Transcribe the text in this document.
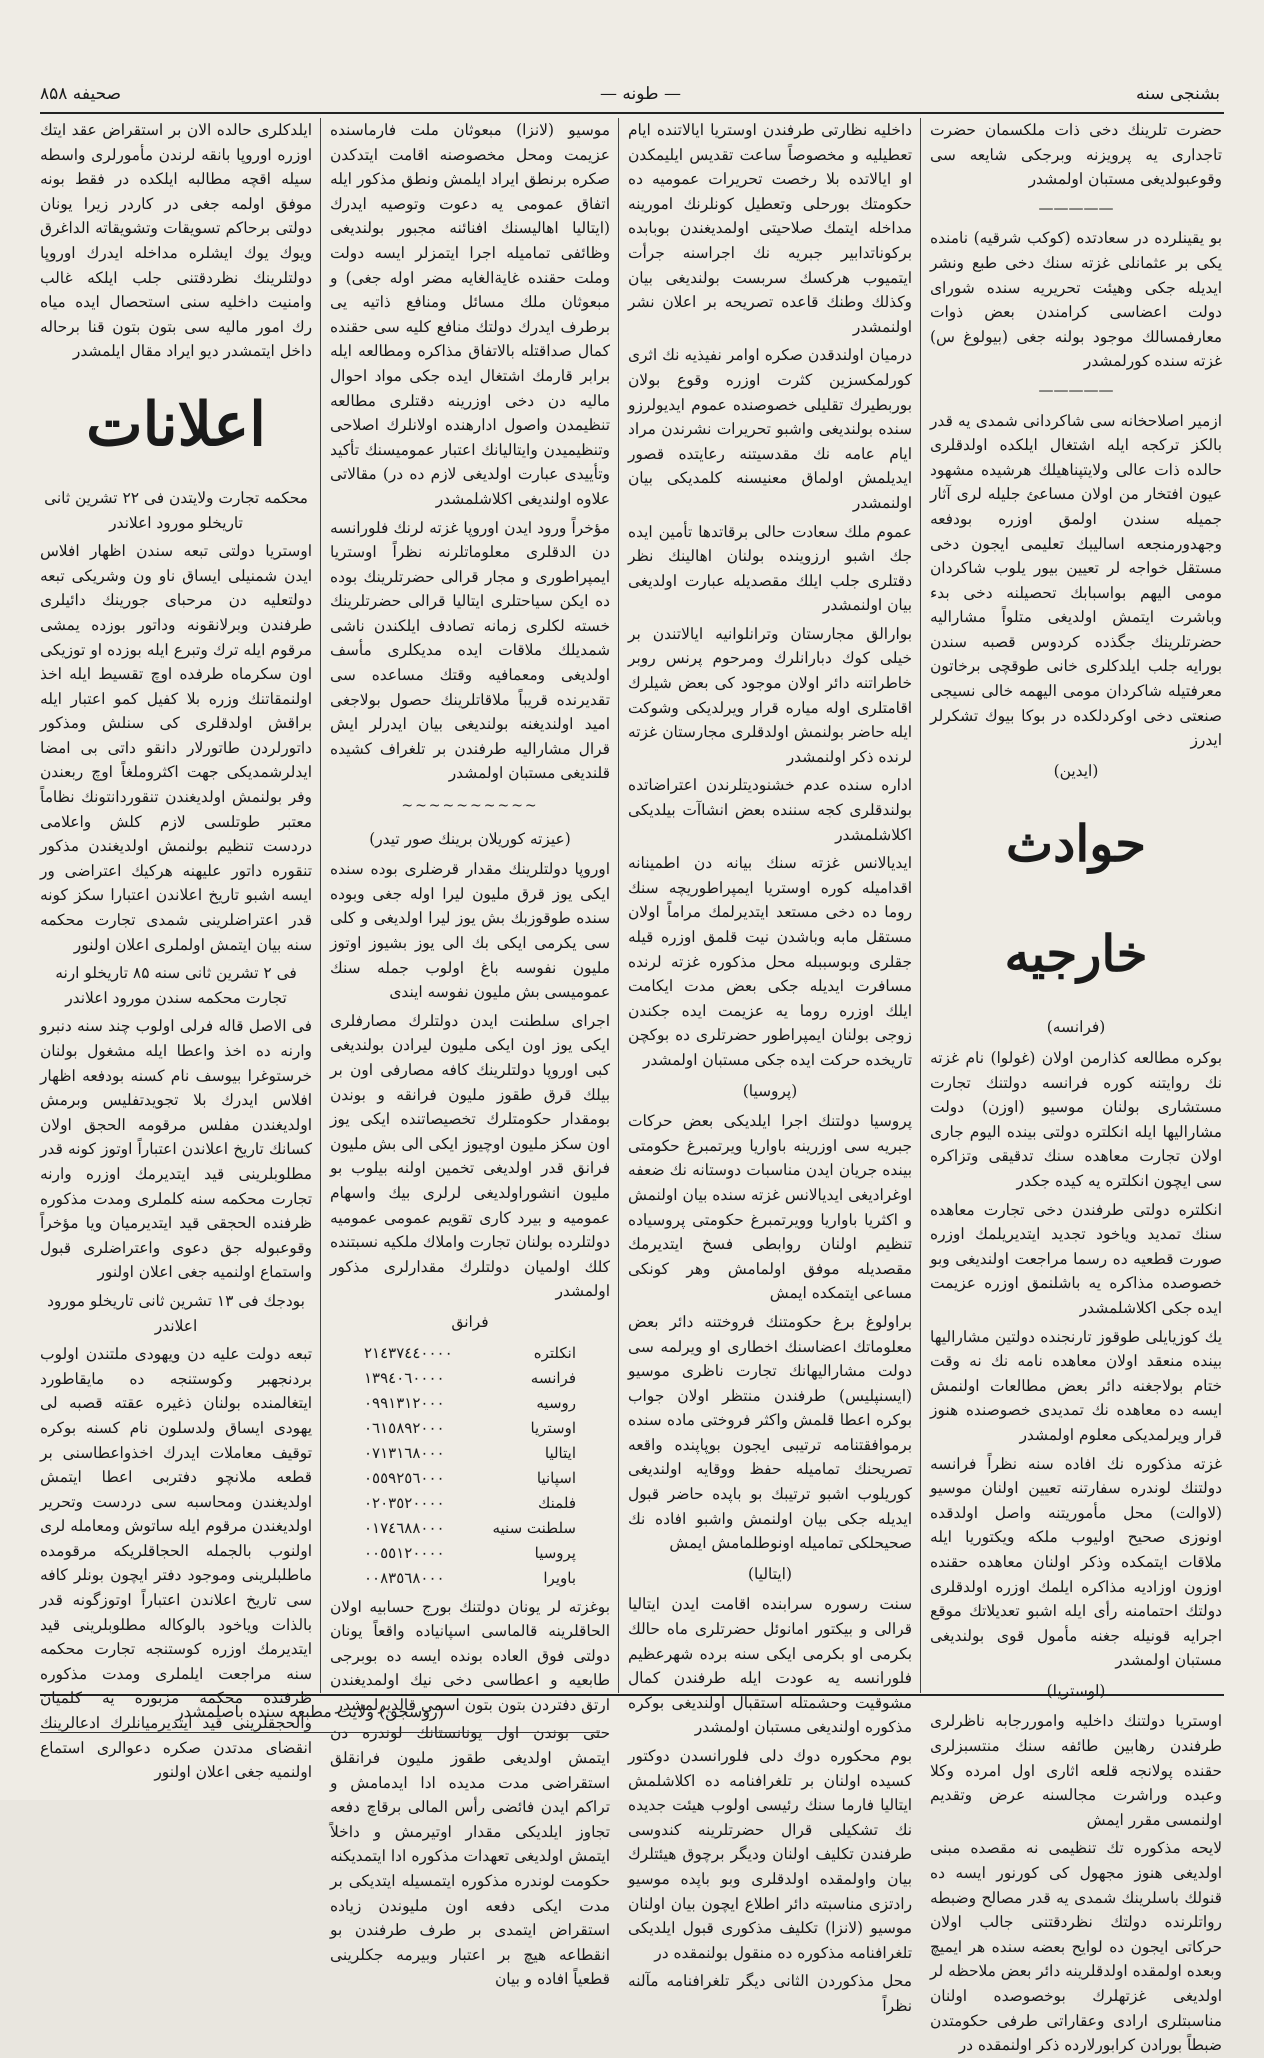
بشنجی سنه
— طونه —
صحیفه ۸۵۸

حضرت تلرینك دخی ذات ملكسمان حضرت تاجداری یه پرویزنه وبرجكی شایعه سی وقوعبولدیغی مستبان اولمشدر

—————

بو یقینلرده در سعادتده (كوكب شرقیه) نامنده یكی بر عثمانلی غزته سنك دخی طبع ونشر ایدیله جكی وهیئت تحریریه سنده شورای دولت اعضاسی كرامندن بعض ذوات معارفمسالك موجود بولنه جغی (بیولوغ س) غزته سنده كورلمشدر

—————

ازمیر اصلاحخانه سی شاكردانی شمدی یه قدر بالكز تركجه ایله اشتغال ایلكده اولدقلری حالده ذات عالی ولایتپناهیلك هرشیده مشهود عیون افتخار من اولان مساعئ جلیله لری آثار جمیله سندن اولمق اوزره بودفعه وجهدورمنجعه اسالیبك تعلیمی ایجون دخی مستقل خواجه لر تعیین بیور یلوب شاكردان مومی الیهم بواسبابك تحصیلنه دخی بدء وباشرت ایتمش اولدیغی متلواً مشارالیه حضرتلرینك جگذده كردوس قصبه سندن بورایه جلب ایلدكلری خانی طوقچی برخاتون معرفتیله شاكردان مومی الیهمه خالی نسیجی صنعتی دخی اوكردلكده در بوكا بیوك تشكرلر ایدرز

(ایدین)
حوادث خارجیه
(فرانسه)

بوكره مطالعه كذارمن اولان (غولوا) نام غزته نك روایتنه كوره فرانسه دولتنك تجارت مستشاری بولنان موسیو (اوزن) دولت مشارالیها ایله انكلتره دولتی بینده الیوم جاری اولان تجارت معاهده سنك تدقیقی وتزاكره سی ایچون انكلتره یه كیده جكدر

انكلتره دولتی طرفندن دخی تجارت معاهده سنك تمدید ویاخود تجدید ایتدیریلمك اوزره صورت قطعیه ده رسما مراجعت اولندیغی وبو خصوصده مذاكره یه باشلنمق اوزره عزیمت ایده جكی اكلاشلمشدر

یك كوزیایلی طوقوز تارنجنده دولتین مشارالیها بینده منعقد اولان معاهده نامه نك نه وقت ختام بولاجغنه دائر بعض مطالعات اولنمش ایسه ده معاهده نك تمدیدی خصوصنده هنوز قرار ویرلمدیكی معلوم اولمشدر

غزته مذكوره نك افاده سنه نظراً فرانسه دولتنك لوندره سفارتنه تعیین اولنان موسیو (لاوالت) محل مأموریتنه واصل اولدقده اونوزی صحیح اولیوب ملكه ویكتوریا ایله ملاقات ایتمكده وذكر اولنان معاهده حقنده اوزون اوزادیه مذاكره ایلمك اوزره اولدقلری دولتك احتمامنه رأی ایله اشبو تعدیلاتك موقع اجرایه قونیله جغنه مأمول قوی بولندیغی مستبان اولمشدر

(اوستریا)

اوستریا دولتنك داخلیه واموررجابه ناظرلری طرفندن رهابین طائفه سنك منتسبزلری حقنده پولانجه قلعه اثاری اول امرده وكلا وعبده وراشرت مجالسنه عرض وتقدیم اولنمسی مقرر ایمش

لایحه مذكوره تك تنظیمی نه مقصده مبنی اولدیغی هنوز مجهول كی كورنور ایسه ده قنولك باسلرینك شمدی یه قدر مصالح وضبطه رواتلرنده دولتك نظردقتنی جالب اولان حركاتی ایجون ده لوایح بعضه سنده هر ایمیچ وبعده اولمقده اولدقلرینه دائر بعض ملاحظه لر اولدیغی غزتهلرك بوخصوصده اولنان مناسبتلری ارادی وعقاراتی طرفی حكومتدن ضبطاً بورادن كرابورلارده ذكر اولنمقده در

داخلیه نظارتی طرفندن اوستریا ایالاتنده ایام تعطیلیه و مخصوصاً ساعت تقدیس ایلیمكدن او ایالاتده بلا رخصت تحریرات عمومیه ده حكومتك بورحلی وتعطیل كونلرنك امورینه مداخله ایتمك صلاحیتی اولمدیغندن بوبابده بركوناتدابیر جبریه نك اجراسنه جرأت ایتمیوب هركسك سربست بولندیغی بیان وكذلك وطنك قاعده تصریحه بر اعلان نشر اولنمشدر

درمیان اولندقدن صكره اوامر نفیذیه نك اثری كورلمكسزین كثرت اوزره وقوع بولان بوربطیرك تقلیلی خصوصنده عموم ایدیولرزو سنده بولندیغی واشبو تحریرات نشرندن مراد ایام عامه نك مقدسیتنه رعایتده قصور ایدیلمش اولماق معنیسنه كلمدیكی بیان اولنمشدر

عموم ملك سعادت حالی برقاتدها تأمین ایده جك اشبو ارزوینده بولنان اهالینك نظر دقتلری جلب ایلك مقصدیله عبارت اولدیغی بیان اولنمشدر

بوارالق مجارستان وترانلوانیه ایالاتندن بر خیلی كوك دبارانلرك ومرحوم پرنس روبر خاطراتنه دائر اولان موجود كی بعض شیلرك اقامتلری اوله میاره قرار ویرلدیكی وشوكت ایله حاضر بولنمش اولدقلری مجارستان غزته لرنده ذكر اولنمشدر

اداره سنده عدم خشنودیتلرندن اعتراضاتده بولندقلری كجه سننده بعض انشاآت بیلدیكی اكلاشلمشدر

ایدیالانس غزته سنك بیانه دن اطمینانه اقدامیله كوره اوستریا ایمپراطوریچه سنك روما ده دخی مستعد ایتدیرلمك مراماً اولان مستقل مابه وباشدن نیت قلمق اوزره قیله جقلری وبوسببله محل مذكوره غزته لرنده مسافرت ایدیله جكی بعض مدت ایكامت ایلك اوزره روما یه عزیمت ایده جكندن زوجی بولنان ایمپراطور حضرتلری ده بوكچن تاریخده حركت ایده جكی مستبان اولمشدر

(پروسیا)

پروسیا دولتنك اجرا ایلدیكی بعض حركات جبریه سی اوزرینه باواریا ویرتمبرغ حكومتی بینده جریان ایدن مناسبات دوستانه نك ضعفه اوغرادیغی ایدیالانس غزته سنده بیان اولنمش و اكثریا باواریا وویرتمبرغ حكومتی پروسیاده تنظیم اولنان روابطی فسخ ایتدیرمك مقصدیله موفق اولمامش وهر كونكی مساعی ایتمكده ایمش

براولوغ برغ حكومتنك فروختنه دائر بعض معلوماتك اعضاسنك اخطاری او ویرلمه سی دولت مشارالیهانك تجارت ناظری موسیو (ایسنپلیس) طرفندن منتظر اولان جواب بوكره اعطا قلمش واكثر فروختی ماده سنده برموافقتنامه ترتیبی ایجون بوپاپنده واقعه تصریحنك تمامیله حفظ ووقایه اولندیغی كوریلوب اشبو ترتیبك بو باپده حاضر قبول ایدیله جكی بیان اولنمش واشبو افاده نك صحیحلكی تمامیله اونوطلمامش ایمش

(ایتالیا)

سنت رسوره سرابنده اقامت ایدن ایتالیا قرالی و بیكتور امانوئل حضرتلری ماه حالك بكرمی او بكرمی ایكی سنه برده شهرعظیم فلورانسه یه عودت ایله طرفندن كمال مشوقیت وحشمتله استقبال اولندیغی بوكره مذكوره اولندیغی مستبان اولمشدر

بوم محكوره دوك دلی فلورانسدن دوكتور كسیده اولنان بر تلغرافنامه ده اكلاشلمش ایتالیا فارما سنك رئیسی اولوب هیئت جدیده نك تشكیلی قرال حضرتلرینه كندوسی طرفندن تكلیف اولنان ودیگر برچوق هیئتلرك بیان واولمقده اولدقلری وبو باپده موسیو رادتزی مناسبته دائر اطلاع ایچون بیان اولنان موسیو (لانزا) تكلیف مذكوری قبول ایلدیكی تلغرافنامه مذكوره ده منقول بولنمقده در

محل مذكوردن الثانی دیگر تلغرافنامه مآلنه نظراً

موسیو (لانزا) مبعوثان ملت فارماسنده عزیمت ومحل مخصوصنه اقامت ایتدكدن صكره برنطق ایراد ایلمش ونطق مذكور ایله اتفاق عمومی یه دعوت وتوصیه ایدرك (ایتالیا اهالیسنك افنائنه مجبور بولندیغی وظائفی تمامیله اجرا ایتمزلر ایسه دولت وملت حقنده غایةالغایه مضر اوله جغی) و مبعوثان ملك مسائل ومنافع ذاتیه یی برطرف ایدرك دولتك منافع كلیه سی حقنده كمال صداقتله بالاتفاق مذاكره ومطالعه ایله برابر قارمك اشتغال ایده جكی مواد احوال مالیه دن دخی اوزرینه دقتلری مطالعه تنظیمدن واصول ادارهنده اولانلرك اصلاحی وتنظیمیدن وایتالیانك اعتبار عمومیسنك تأكید وتأییدی عبارت اولدیغی لازم ده در) مقالاتی علاوه اولندیغی اكلاشلمشدر

مؤخراً ورود ایدن اوروپا غزته لرنك فلورانسه دن الدقلری معلوماتلرنه نظراً اوستریا ایمپراطوری و مجار قرالی حضرتلرینك بوده ده ایكن سیاحتلری ایتالیا قرالی حضرتلرینك خسته لكلری زمانه تصادف ایلكندن ناشی شمدیلك ملاقات ایده مدیكلری مأسف اولدیغی ومعمافیه وقتك مساعده سی تقدیرنده قریباً ملاقاتلرینك حصول بولاجغی امید اولندیغنه بولندیغی بیان ایدرلر ایش قرال مشارالیه طرفندن بر تلغراف كشیده قلندیغی مستبان اولمشدر

~~~~~~~~~~
(عیزته كوریلان برینك صور تیدر)

اوروپا دولتلرینك مقدار قرضلری بوده سنده ایكی یوز قرق ملیون لیرا اوله جغی وبوده سنده طوقوزبك بش یوز لیرا اولدیغی و كلی سی یكرمی ایكی بك الی یوز بشیوز اوتوز ملیون نفوسه باغ اولوب جمله سنك عمومیسی بش ملیون نفوسه ایندی

اجرای سلطنت ایدن دولتلرك مصارفلری ایكی یوز اون ایكی ملیون لیرادن بولندیغی كبی اوروپا دولتلرینك كافه مصارفی اون بر بیلك قرق طقوز ملیون فرانقه و بوندن بومقدار حكومتلرك تخصیصاتنده ایكی یوز اون سكز ملیون اوچیوز ایكی الی بش ملیون فرانق قدر اولدیغی تخمین اولنه بیلوب بو ملیون انشوراولدیغی لرلری بیك واسهام عمومیه و بیرد كاری تقویم عمومی عمومیه دولتلرده بولنان تجارت واملاك ملكیه نسبتنده كلك اولمیان دولتلرك مقدارلری مذكور اولمشدر

فرانق
٢١٤٣٧٤٤٠٠٠٠	انكلتره
١٣٩٤٠٦٠٠٠٠	فرانسه
٠٩٩١٣١٢٠٠٠	روسیه
٠٦١٥٨٩٢٠٠٠	اوستریا
٠٧١٣١٦٨٠٠٠	ایتالیا
٠٥٥٩٢٥٦٠٠٠	اسپانیا
٠٢٠٣٥٢٠٠٠٠	فلمنك
٠١٧٤٦٨٨٠٠٠	سلطنت سنیه
٠٠٥٥١٢٠٠٠٠	پروسیا
٠٠٨٣٥٦٨٠٠٠	باویرا

بوغزته لر یونان دولتنك بورج حسابیه اولان الحاقلرینه قالماسی اسپانیاده واقعاً یونان دولتی فوق العاده بونده ایسه ده بوبرجی طابعیه و اعطاسی دخی نیك اولمدیغندن ارتق دفتردن بتون بتون اسمی قالدیرلمشدر

حتی بوندن اول یونانستانك لوندره دن ایتمش اولدیغی طقوز ملیون فرانقلق استقراضی مدت مدیده ادا ایدمامش و تراكم ایدن فائضی رأس المالی برقاچ دفعه تجاوز ایلدیكی مقدار اوتیرمش و داخلاً ایتمش اولدیغی تعهدات مذكوره ادا ایتمدیكنه حكومت لوندره مذكوره ایتمسیله ایتدیكی بر مدت ایكی دفعه اون ملیوندن زیاده استقراض ایتمدی بر طرف طرفندن بو انقطاعه هیچ بر اعتبار وبیرمه جكلرینی قطعیاً افاده و بیان

ایلدكلری حالده الان بر استقراض عقد ایتك اوزره اوروپا بانقه لرندن مأمورلری واسطه سیله اقچه مطالبه ایلكده در فقط بونه موفق اولمه جغی در كاردر زیرا یونان دولتی برحاكم تسویقات وتشویقاته الداغرق ویوك یوك ایشلره مداخله ایدرك اوروپا دولتلرینك نظردقتنی جلب ایلكه غالب وامنیت داخلیه سنی استحصال ایده میاه رك امور مالیه سی بتون بتون قنا برحاله داخل ایتمشدر دیو ایراد مقال ایلمشدر

اعلانات

محكمه تجارت ولایتدن فی ۲۲ تشرین ثانی تاریخلو مورود اعلاندر

اوستریا دولتی تبعه سندن اظهار افلاس ایدن شمنیلی ایساق ناو ون وشریكی تبعه دولتعلیه دن مرحبای جورینك دائیلری طرفندن وبرلانقونه وداتور بوزده یمشی مرقوم ایله ترك وتبرع ایله بوزده او توزیكی اون سكرماه طرفده اوچ تقسیط ایله اخذ اولنمقاتنك وزره بلا كفیل كمو اعتبار ایله براقش اولدقلری كی سنلش ومذكور داتورلردن طاتورلار دانقو داتی بی امضا ایدلرشمدیكی جهت اكثروملغاً اوچ ربعندن وفر بولنمش اولدیغندن تنقوردانتونك نظاماً معتبر طوتلسی لازم كلش واعلامی دردست تنظیم بولنمش اولدیغندن مذكور تنقوره داتور علیهنه هركیك اعتراضی ور ایسه اشبو تاریخ اعلاندن اعتبارا سكز كونه قدر اعتراضلرینی شمدی تجارت محكمه سنه بیان ایتمش اولملری اعلان اولنور

فی ۲ تشرین ثانی سنه ۸۵ تاریخلو ارنه تجارت محكمه سندن مورود اعلاندر

فی الاصل قاله فرلی اولوب چند سنه دنبرو وارنه ده اخذ واعطا ایله مشغول بولنان خرستوغرا بیوسف نام كسنه بودفعه اظهار افلاس ایدرك بلا تجویدتفلیس وبرمش اولدیغندن مفلس مرقومه الحجق اولان كسانك تاریخ اعلاندن اعتباراً اوتوز كونه قدر مطلوبلرینی قید ایتدیرمك اوزره وارنه تجارت محكمه سنه كلملری ومدت مذكوره ظرفنده الحجقی قید ایتدیرمیان ویا مؤخراً وقوعبوله جق دعوی واعتراضلری قبول واستماع اولنمیه جغی اعلان اولنور

بودجك فی ۱۳ تشرین ثانی تاریخلو مورود اعلاندر

تبعه دولت علیه دن ویهودی ملتندن اولوب بردنجهبر وكوستنجه ده مایقاطورد ایتغالمنده بولنان ذغیره عقته قصبه لی یهودی ایساق ولدسلون نام كسنه بوكره توقیف معاملات ایدرك اخذواعطاسنی بر قطعه ملانچو دفتربی اعطا ایتمش اولدیغندن ومحاسبه سی دردست وتحریر اولدیغندن مرقوم ایله ساتوش ومعامله لری اولنوب بالجمله الحجاقلریكه مرقومده ماطلبلرینی وموجود دفتر ایچون بونلر كافه سی تاریخ اعلاندن اعتباراً اوتوزگونه قدر بالذات ویاخود بالوكاله مطلوبلرینی قید ایتدیرمك اوزره كوستنجه تجارت محكمه سنه مراجعت ایلملری ومدت مذكوره ظرفنده محكمه مزبوره یه كلمیان والحجقلرینی قید ایتدیرمیانلرك ادعالرینك انقضای مدتدن صكره دعوالری استماع اولنمیه جغی اعلان اولنور

(روسجق) ولایت مطبعه سنده باصلمشدر
